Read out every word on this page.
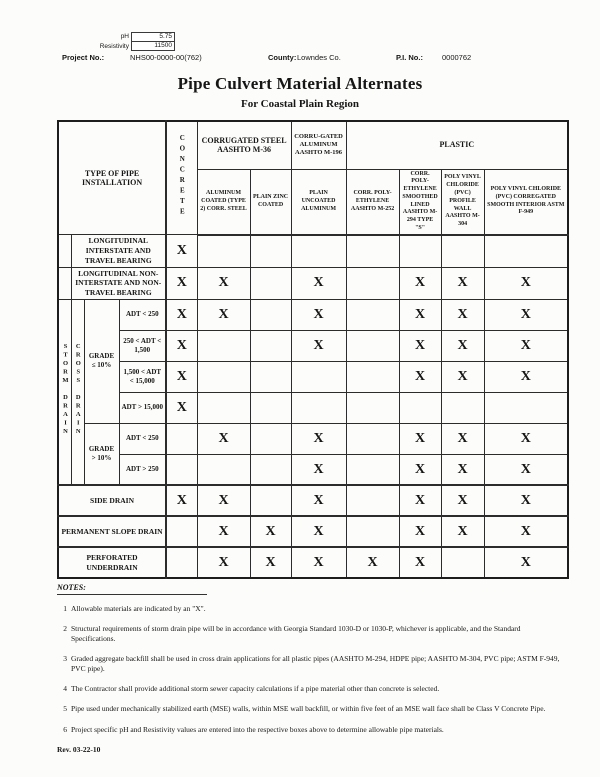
pH	5.75
Resistivity	11500
Project No.:	NHS00-0000-00(762)	County: Lowndes Co.	P.I. No.:	0000762
Pipe Culvert Material Alternates
For Coastal Plain Region
TYPE OF PIPE INSTALLATION				CONCRETE	CORRUGATED STEEL AASHTO M-36		CORRU-GATED ALUMINUM AASHTO M-196	PLASTIC			
					ALUMINUM COATED (TYPE 2) CORR. STEEL	PLAIN ZINC COATED	PLAIN UNCOATED ALUMINUM	CORR. POLY-ETHYLENE AASHTO M-252	CORR. POLY-ETHYLENE SMOOTHED LINED AASHTO M-294 TYPE "S"	POLY VINYL CHLORIDE (PVC) PROFILE WALL AASHTO M-304	POLY VINYL CHLORIDE (PVC) CORREGATED SMOOTH INTERIOR ASTM F-949
	LONGITUDINAL INTERSTATE AND TRAVEL BEARING			X							
	LONGITUDINAL NON-INTERSTATE AND NON-TRAVEL BEARING			X	X		X		X	X	X
STORM DRAIN	CROSS DRAIN	GRADE ≤ 10%	ADT < 250	X	X		X		X	X	X
			250 < ADT < 1,500	X			X		X	X	X
			1,500 < ADT < 15,000	X					X	X	X
			ADT > 15,000	X							
		GRADE > 10%	ADT < 250		X		X		X	X	X
			ADT > 250				X		X	X	X
SIDE DRAIN				X	X		X		X	X	X
PERMANENT SLOPE DRAIN					X	X	X		X	X	X
PERFORATED UNDERDRAIN					X	X	X	X	X		X
NOTES:
1 Allowable materials are indicated by an "X".
2 Structural requirements of storm drain pipe will be in accordance with Georgia Standard 1030-D or 1030-P, whichever is applicable, and the Standard Specifications.
3 Graded aggregate backfill shall be used in cross drain applications for all plastic pipes (AASHTO M-294, HDPE pipe; AASHTO M-304, PVC pipe; ASTM F-949, PVC pipe).
4 The Contractor shall provide additional storm sewer capacity calculations if a pipe material other than concrete is selected.
5 Pipe used under mechanically stabilized earth (MSE) walls, within MSE wall backfill, or within five feet of an MSE wall face shall be Class V Concrete Pipe.
6 Project specific pH and Resistivity values are entered into the respective boxes above to determine allowable pipe materials.
Rev. 03-22-10
